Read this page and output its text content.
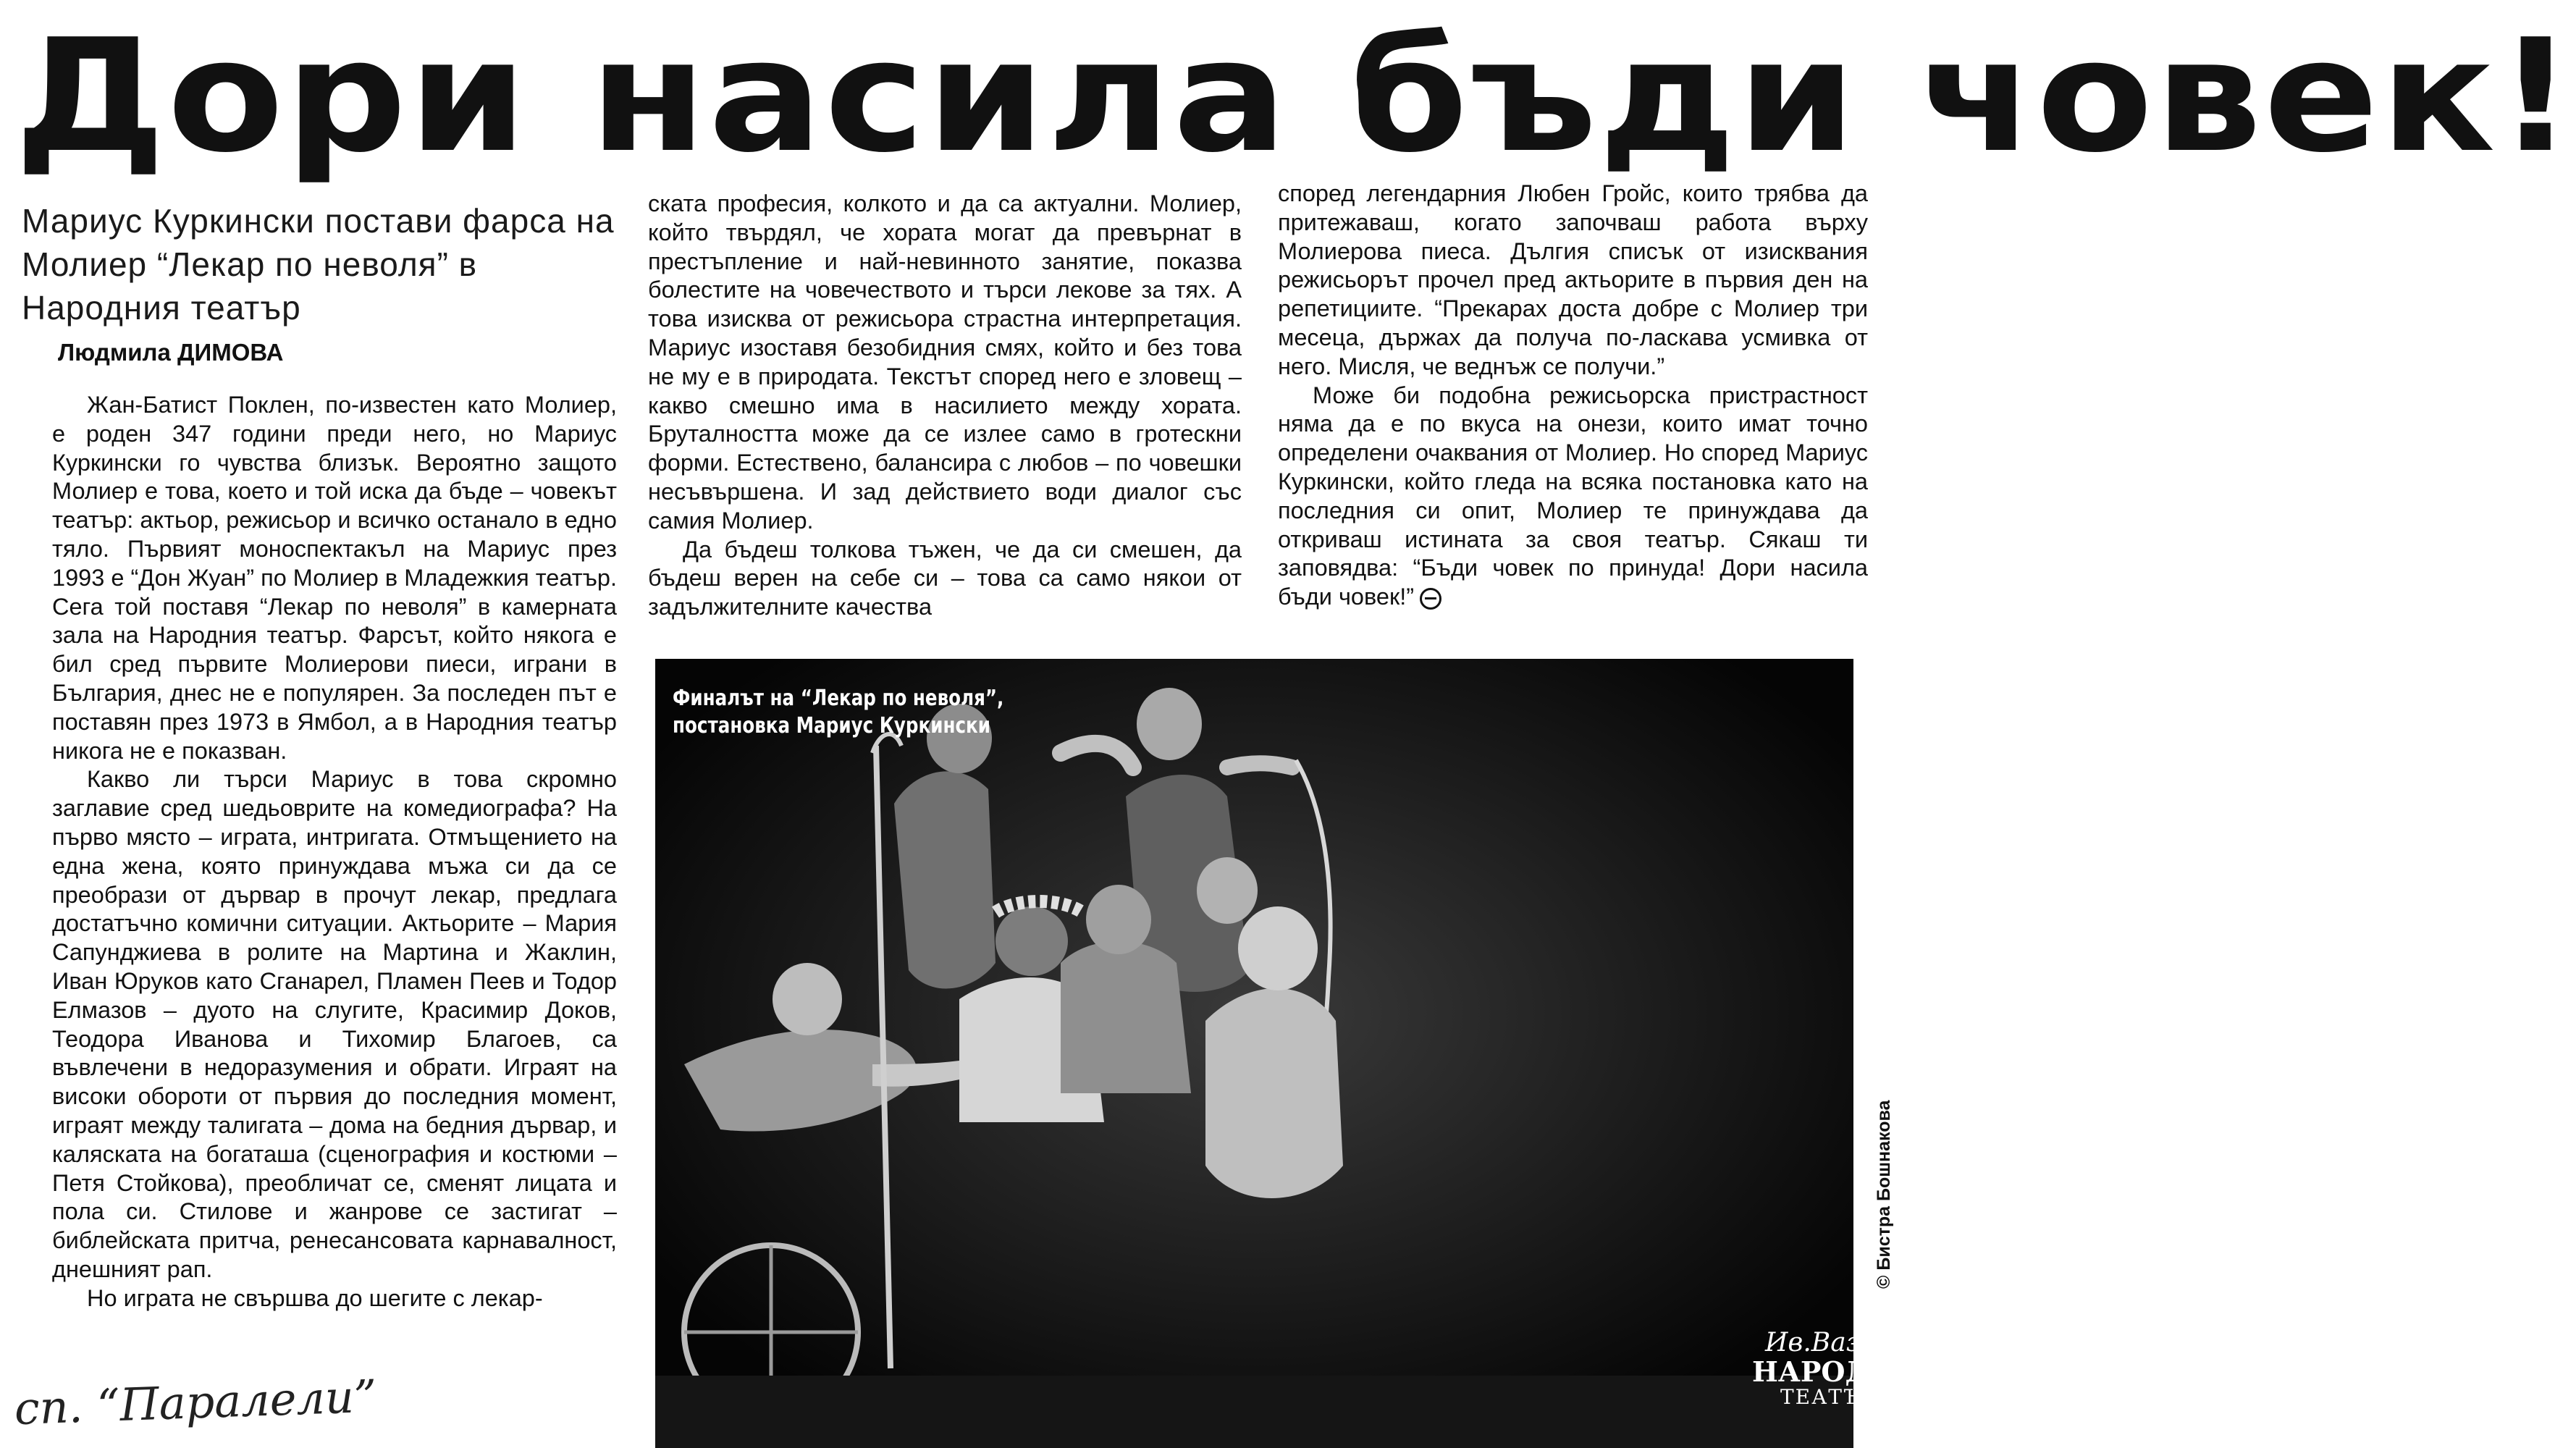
Дори насила бъди човек!
Мариус Куркински постави фарса на Молиер “Лекар по неволя” в Народния театър
Людмила ДИМОВА

Жан-Батист Поклен, по-известен като Молиер, е роден 347 години преди него, но Мариус Куркински го чувства близък. Вероятно защото Молиер е това, което и той иска да бъде – човекът театър: актьор, режисьор и всичко останало в едно тяло. Първият моноспектакъл на Мариус през 1993 е “Дон Жуан” по Молиер в Младежкия театър. Сега той поставя “Лекар по неволя” в камерната зала на Народния театър. Фарсът, който някога е бил сред първите Молиерови пиеси, играни в България, днес не е популярен. За последен път е поставян през 1973 в Ямбол, а в Народния театър никога не е показван.

Какво ли търси Мариус в това скромно заглавие сред шедьоврите на комедиографа? На първо място – играта, интригата. Отмъщението на една жена, която принуждава мъжа си да се преобрази от дървар в прочут лекар, предлага достатъчно комични ситуации. Актьорите – Мария Сапунджиева в ролите на Мартина и Жаклин, Иван Юруков като Сганарел, Пламен Пеев и Тодор Елмазов – дуото на слугите, Красимир Доков, Теодора Иванова и Тихомир Благоев, са въвлечени в недоразумения и обрати. Играят на високи обороти от първия до последния момент, играят между талигата – дома на бедния дървар, и каляската на богаташа (сценография и костюми – Петя Стойкова), преобличат се, сменят лицата и пола си. Стилове и жанрове се застигат – библейската притча, ренесансовата карнавалност, днешният рап.

Но играта не свършва до шегите с лекар-

ската професия, колкото и да са актуални. Молиер, който твърдял, че хората могат да превърнат в престъпление и най-невинното занятие, показва болестите на човечеството и търси лекове за тях. А това изисква от режисьора страстна интерпретация. Мариус изоставя безобидния смях, който и без това не му е в природата. Текстът според него е зловещ – какво смешно има в насилието между хората. Бруталността може да се излее само в гротескни форми. Естествено, балансира с любов – по човешки несъвършена. И зад действието води диалог със самия Молиер.

Да бъдеш толкова тъжен, че да си смешен, да бъдеш верен на себе си – това са само някои от задължителните качества

според легендарния Любен Гройс, които трябва да притежаваш, когато започваш работа върху Молиерова пиеса. Дългия списък от изисквания режисьорът прочел пред актьорите в първия ден на репетициите. “Прекарах доста добре с Молиер три месеца, държах да получа по-ласкава усмивка от него. Мисля, че веднъж се получи.”

Може би подобна режисьорска пристрастност няма да е по вкуса на онези, които имат точно определени очаквания от Молиер. Но според Мариус Куркински, който гледа на всяка постановка като на последния си опит, Молиер те принуждава да откриваш истината за своя театър. Сякаш ти заповядва: “Бъди човек по принуда! Дори насила бъди човек!”

Финалът на “Лекар по неволя”,
постановка Мариус Куркински
Ив.Вазов
НАРОДЕН
ТЕАТЪР
© Бистра Бошнакова
сп. “Паралели”
